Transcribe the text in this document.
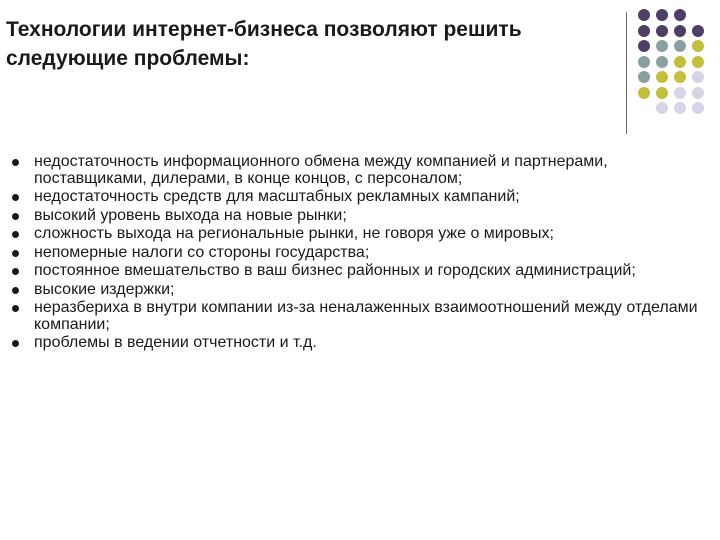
Технологии интернет-бизнеса позволяют решить следующие проблемы:
недостаточность информационного обмена между компанией и партнерами, поставщиками, дилерами, в конце концов, с персоналом;
недостаточность средств для масштабных рекламных кампаний;
высокий уровень выхода на новые рынки;
сложность выхода на региональные рынки, не говоря уже о мировых;
непомерные налоги со стороны государства;
постоянное вмешательство в ваш бизнес районных и городских администраций;
высокие издержки;
неразбериха в внутри компании из-за неналаженных взаимоотношений между отделами компании;
проблемы в ведении отчетности и т.д.
